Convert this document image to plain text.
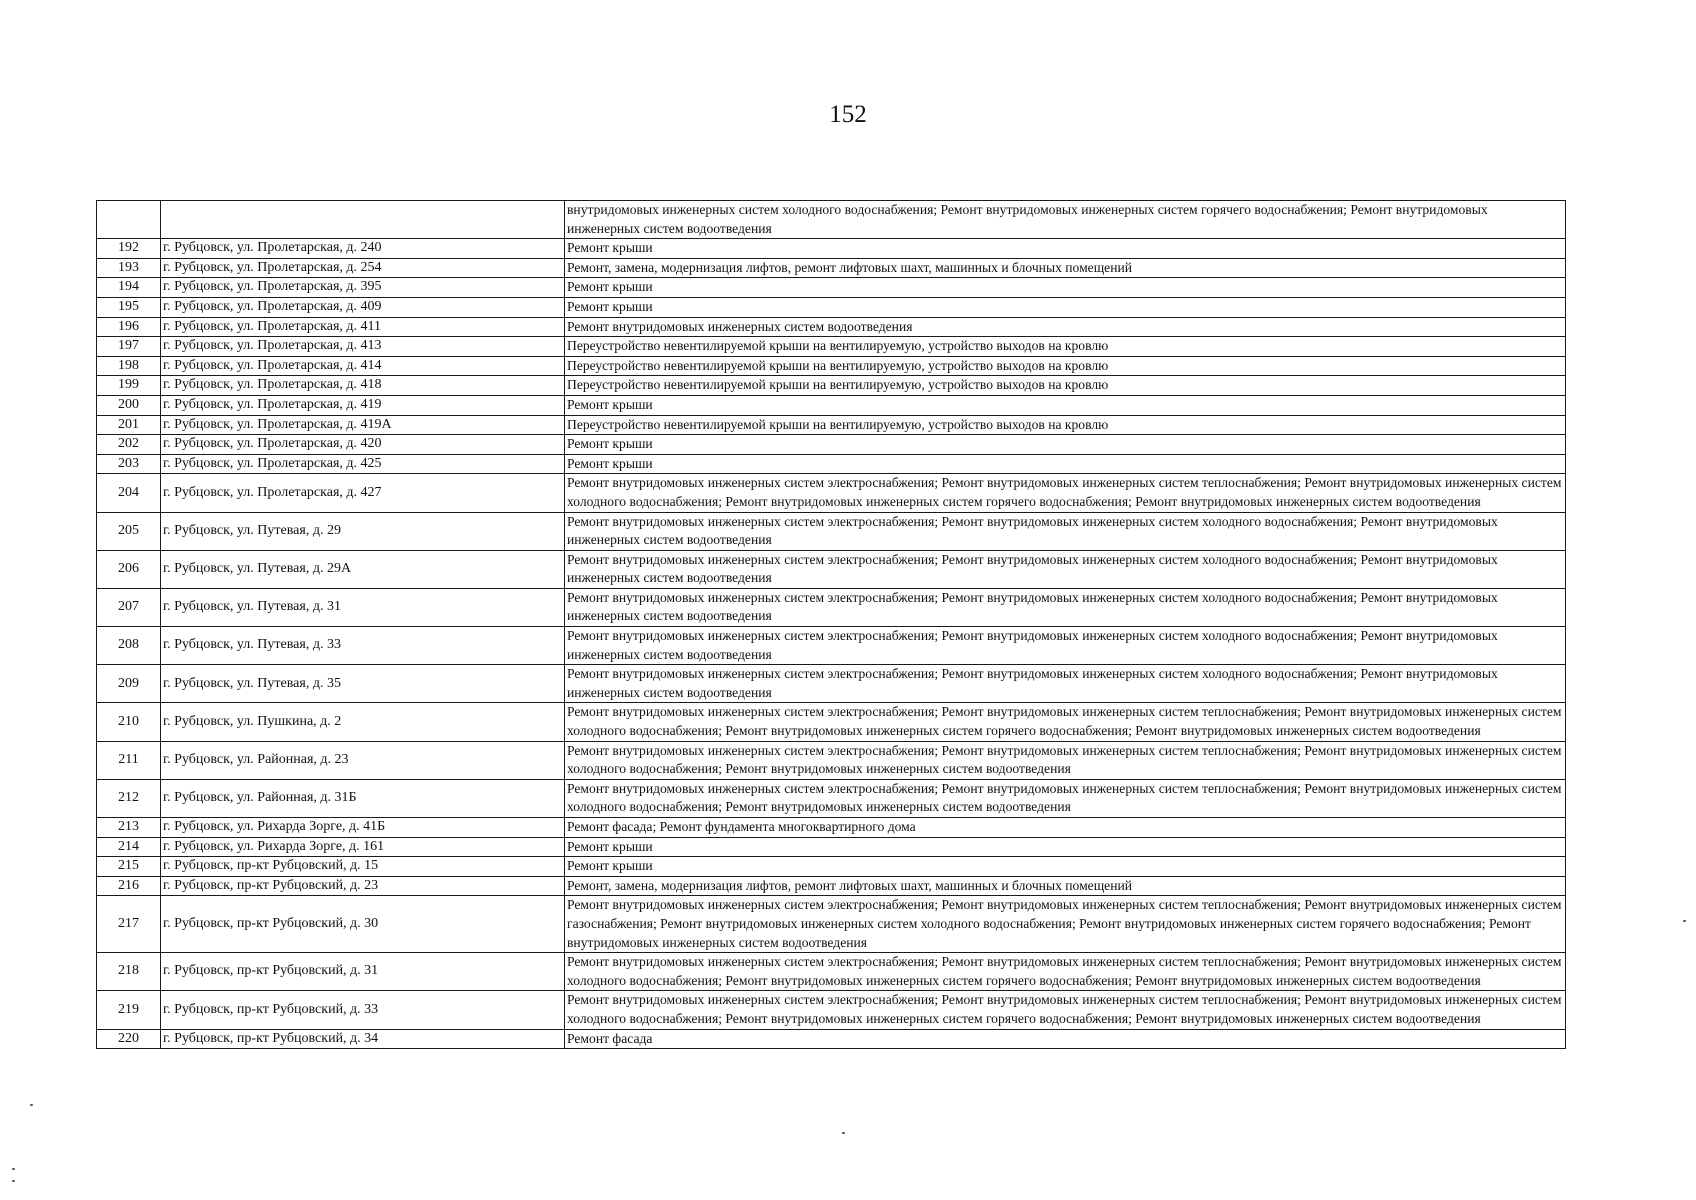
152
		внутридомовых инженерных систем холодного водоснабжения; Ремонт внутридомовых инженерных систем горячего водоснабжения; Ремонт внутридомовых инженерных систем водоотведения
192	г. Рубцовск, ул. Пролетарская, д. 240	Ремонт крыши
193	г. Рубцовск, ул. Пролетарская, д. 254	Ремонт, замена, модернизация лифтов, ремонт лифтовых шахт, машинных и блочных помещений
194	г. Рубцовск, ул. Пролетарская, д. 395	Ремонт крыши
195	г. Рубцовск, ул. Пролетарская, д. 409	Ремонт крыши
196	г. Рубцовск, ул. Пролетарская, д. 411	Ремонт внутридомовых инженерных систем водоотведения
197	г. Рубцовск, ул. Пролетарская, д. 413	Переустройство невентилируемой крыши на вентилируемую, устройство выходов на кровлю
198	г. Рубцовск, ул. Пролетарская, д. 414	Переустройство невентилируемой крыши на вентилируемую, устройство выходов на кровлю
199	г. Рубцовск, ул. Пролетарская, д. 418	Переустройство невентилируемой крыши на вентилируемую, устройство выходов на кровлю
200	г. Рубцовск, ул. Пролетарская, д. 419	Ремонт крыши
201	г. Рубцовск, ул. Пролетарская, д. 419А	Переустройство невентилируемой крыши на вентилируемую, устройство выходов на кровлю
202	г. Рубцовск, ул. Пролетарская, д. 420	Ремонт крыши
203	г. Рубцовск, ул. Пролетарская, д. 425	Ремонт крыши
204	г. Рубцовск, ул. Пролетарская, д. 427	Ремонт внутридомовых инженерных систем электроснабжения; Ремонт внутридомовых инженерных систем теплоснабжения; Ремонт внутридомовых инженерных систем холодного водоснабжения; Ремонт внутридомовых инженерных систем горячего водоснабжения; Ремонт внутридомовых инженерных систем водоотведения
205	г. Рубцовск, ул. Путевая, д. 29	Ремонт внутридомовых инженерных систем электроснабжения; Ремонт внутридомовых инженерных систем холодного водоснабжения; Ремонт внутридомовых инженерных систем водоотведения
206	г. Рубцовск, ул. Путевая, д. 29А	Ремонт внутридомовых инженерных систем электроснабжения; Ремонт внутридомовых инженерных систем холодного водоснабжения; Ремонт внутридомовых инженерных систем водоотведения
207	г. Рубцовск, ул. Путевая, д. 31	Ремонт внутридомовых инженерных систем электроснабжения; Ремонт внутридомовых инженерных систем холодного водоснабжения; Ремонт внутридомовых инженерных систем водоотведения
208	г. Рубцовск, ул. Путевая, д. 33	Ремонт внутридомовых инженерных систем электроснабжения; Ремонт внутридомовых инженерных систем холодного водоснабжения; Ремонт внутридомовых инженерных систем водоотведения
209	г. Рубцовск, ул. Путевая, д. 35	Ремонт внутридомовых инженерных систем электроснабжения; Ремонт внутридомовых инженерных систем холодного водоснабжения; Ремонт внутридомовых инженерных систем водоотведения
210	г. Рубцовск, ул. Пушкина, д. 2	Ремонт внутридомовых инженерных систем электроснабжения; Ремонт внутридомовых инженерных систем теплоснабжения; Ремонт внутридомовых инженерных систем холодного водоснабжения; Ремонт внутридомовых инженерных систем горячего водоснабжения; Ремонт внутридомовых инженерных систем водоотведения
211	г. Рубцовск, ул. Районная, д. 23	Ремонт внутридомовых инженерных систем электроснабжения; Ремонт внутридомовых инженерных систем теплоснабжения; Ремонт внутридомовых инженерных систем холодного водоснабжения; Ремонт внутридомовых инженерных систем водоотведения
212	г. Рубцовск, ул. Районная, д. 31Б	Ремонт внутридомовых инженерных систем электроснабжения; Ремонт внутридомовых инженерных систем теплоснабжения; Ремонт внутридомовых инженерных систем холодного водоснабжения; Ремонт внутридомовых инженерных систем водоотведения
213	г. Рубцовск, ул. Рихарда Зорге, д. 41Б	Ремонт фасада; Ремонт фундамента многоквартирного дома
214	г. Рубцовск, ул. Рихарда Зорге, д. 161	Ремонт крыши
215	г. Рубцовск, пр-кт Рубцовский, д. 15	Ремонт крыши
216	г. Рубцовск, пр-кт Рубцовский, д. 23	Ремонт, замена, модернизация лифтов, ремонт лифтовых шахт, машинных и блочных помещений
217	г. Рубцовск, пр-кт Рубцовский, д. 30	Ремонт внутридомовых инженерных систем электроснабжения; Ремонт внутридомовых инженерных систем теплоснабжения; Ремонт внутридомовых инженерных систем газоснабжения; Ремонт внутридомовых инженерных систем холодного водоснабжения; Ремонт внутридомовых инженерных систем горячего водоснабжения; Ремонт внутридомовых инженерных систем водоотведения
218	г. Рубцовск, пр-кт Рубцовский, д. 31	Ремонт внутридомовых инженерных систем электроснабжения; Ремонт внутридомовых инженерных систем теплоснабжения; Ремонт внутридомовых инженерных систем холодного водоснабжения; Ремонт внутридомовых инженерных систем горячего водоснабжения; Ремонт внутридомовых инженерных систем водоотведения
219	г. Рубцовск, пр-кт Рубцовский, д. 33	Ремонт внутридомовых инженерных систем электроснабжения; Ремонт внутридомовых инженерных систем теплоснабжения; Ремонт внутридомовых инженерных систем холодного водоснабжения; Ремонт внутридомовых инженерных систем горячего водоснабжения; Ремонт внутридомовых инженерных систем водоотведения
220	г. Рубцовск, пр-кт Рубцовский, д. 34	Ремонт фасада
